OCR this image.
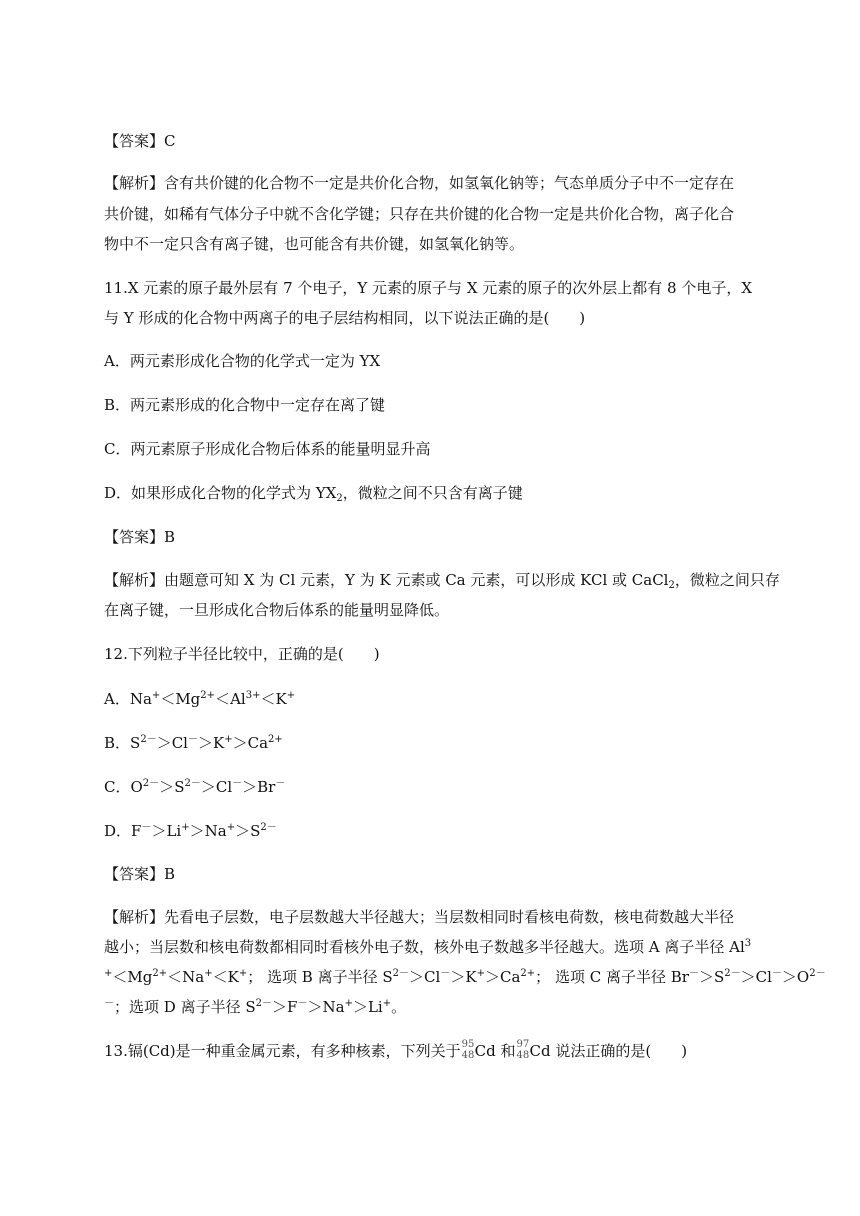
【答案】C
【解析】含有共价键的化合物不一定是共价化合物，如氢氧化钠等；气态单质分子中不一定存在
共价键，如稀有气体分子中就不含化学键；只存在共价键的化合物一定是共价化合物，离子化合
物中不一定只含有离子键，也可能含有共价键，如氢氧化钠等。
11.X 元素的原子最外层有 7 个电子，Y 元素的原子与 X 元素的原子的次外层上都有 8 个电子，X
与 Y 形成的化合物中两离子的电子层结构相同，以下说法正确的是(　　)
A．两元素形成化合物的化学式一定为 YX
B．两元素形成的化合物中一定存在离了键
C．两元素原子形成化合物后体系的能量明显升高
D．如果形成化合物的化学式为 $YX_2$，微粒之间不只含有离子键
【答案】B
【解析】由题意可知 X 为 Cl 元素，Y 为 K 元素或 Ca 元素，可以形成 KCl 或 CaCl$_2$，微粒之间只存
在离子键，一旦形成化合物后体系的能量明显降低。
12.下列粒子半径比较中，正确的是(　　)
A．$Na^+<Mg^{2+}<Al^{3+}<K^+$
B．$S^{2-}>Cl^->K^+>Ca^{2+}$
C．$O^{2-}>S^{2-}>Cl^->Br^-$
D．$F^->Li^+>Na^+>S^{2-}$
【答案】B
【解析】先看电子层数，电子层数越大半径越大；当层数相同时看核电荷数，核电荷数越大半径
越小；当层数和核电荷数都相同时看核外电子数，核外电子数越多半径越大。选项 A 离子半径 Al$^3$
$^+<Mg^{2+}<Na^+<K^+$； 选项 B 离子半径 $S^{2-}>Cl^->K^+>Ca^{2+}$； 选项 C 离子半径 $Br^->S^{2-}>Cl^->O^{2-}$
－；选项 D 离子半径 $S^{2-}>F^->Na^+>Li^+$。
13.镉(Cd)是一种重金属元素，有多种核素，下列关于 95
48 Cd 和 97
48 Cd 说法正确的是(　　)
